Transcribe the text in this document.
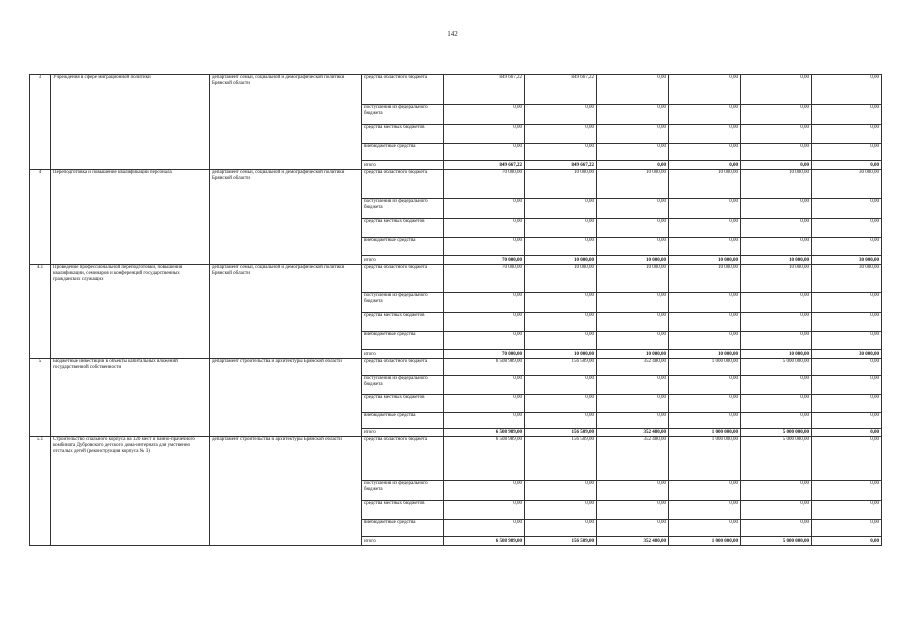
142
3	Учреждения в сфере миграционной политики	департамент семьи, социальной и демографической политики Брянской области	средства областного бюджета	849 667,22	849 667,22	0,00	0,00	0,00	0,00
			поступления из федерального бюджета	0,00	0,00	0,00	0,00	0,00	0,00
			средства местных бюджетов	0,00	0,00	0,00	0,00	0,00	0,00
			внебюджетные средства	0,00	0,00	0,00	0,00	0,00	0,00
			итого	849 667,22	849 667,22	0,00	0,00	0,00	0,00
4	Переподготовка и повышение квалификации персонала	департамент семьи, социальной и демографической политики Брянской области	средства областного бюджета	70 000,00	10 000,00	10 000,00	10 000,00	10 000,00	30 000,00
			поступления из федерального бюджета	0,00	0,00	0,00	0,00	0,00	0,00
			средства местных бюджетов	0,00	0,00	0,00	0,00	0,00	0,00
			внебюджетные средства	0,00	0,00	0,00	0,00	0,00	0,00
			итого	70 000,00	10 000,00	10 000,00	10 000,00	10 000,00	30 000,00
4.1	Проведение профессиональной переподготовки, повышения квалификации, семинаров и конференций государственных гражданских служащих	департамент семьи, социальной и демографической политики Брянской области	средства областного бюджета	70 000,00	10 000,00	10 000,00	10 000,00	10 000,00	30 000,00
			поступления из федерального бюджета	0,00	0,00	0,00	0,00	0,00	0,00
			средства местных бюджетов	0,00	0,00	0,00	0,00	0,00	0,00
			внебюджетные средства	0,00	0,00	0,00	0,00	0,00	0,00
			итого	70 000,00	10 000,00	10 000,00	10 000,00	10 000,00	30 000,00
5	Бюджетные инвестиции в объекты капитальных вложений государственной собственности	департамент строительства и архитектуры Брянской области	средства областного бюджета	6 508 989,00	156 509,00	352 480,00	1 000 000,00	5 000 000,00	0,00
			поступления из федерального бюджета	0,00	0,00	0,00	0,00	0,00	0,00
			средства местных бюджетов	0,00	0,00	0,00	0,00	0,00	0,00
			внебюджетные средства	0,00	0,00	0,00	0,00	0,00	0,00
			итого	6 508 989,00	156 509,00	352 480,00	1 000 000,00	5 000 000,00	0,00
5.1	Строительство спального корпуса на 120 мест и банно-прачечного комбината Дубровского детского дома-интерната для умственно отсталых детей (реконструкция корпуса № 3)	департамент строительства и архитектуры Брянской области	средства областного бюджета	6 508 989,00	156 509,00	352 480,00	1 000 000,00	5 000 000,00	0,00
			поступления из федерального бюджета	0,00	0,00	0,00	0,00	0,00	0,00
			средства местных бюджетов	0,00	0,00	0,00	0,00	0,00	0,00
			внебюджетные средства	0,00	0,00	0,00	0,00	0,00	0,00
			итого	6 508 989,00	156 509,00	352 480,00	1 000 000,00	5 000 000,00	0,00
